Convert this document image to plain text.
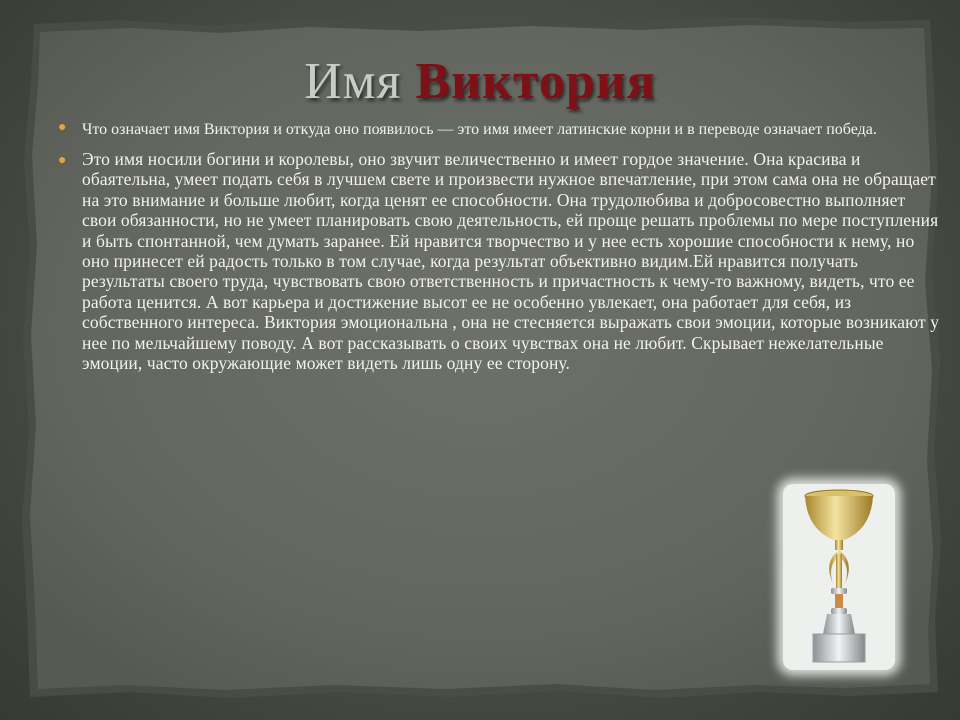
Имя Виктория
● Что означает имя Виктория и откуда оно появилось — это имя имеет латинские корни и в переводе означает победа.
● Это имя носили богини и королевы, оно звучит величественно и имеет гордое значение. Она красива и обаятельна, умеет подать себя в лучшем свете и произвести нужное впечатление, при этом сама она не обращает на это внимание и больше любит, когда ценят ее способности. Она трудолюбива и добросовестно выполняет свои обязанности, но не умеет планировать свою деятельность, ей проще решать проблемы по мере поступления и быть спонтанной, чем думать заранее. Ей нравится творчество и у нее есть хорошие способности к нему, но оно принесет ей радость только в том случае, когда результат объективно видим.Ей нравится получать результаты своего труда, чувствовать свою ответственность и причастность к чему-то важному, видеть, что ее работа ценится. А вот карьера и достижение высот ее не особенно увлекает, она работает для себя, из собственного интереса. Виктория эмоциональна , она не стесняется выражать свои эмоции, которые возникают у нее по мельчайшему поводу. А вот рассказывать о своих чувствах она не любит. Скрывает нежелательные эмоции, часто окружающие может видеть лишь одну ее сторону.
